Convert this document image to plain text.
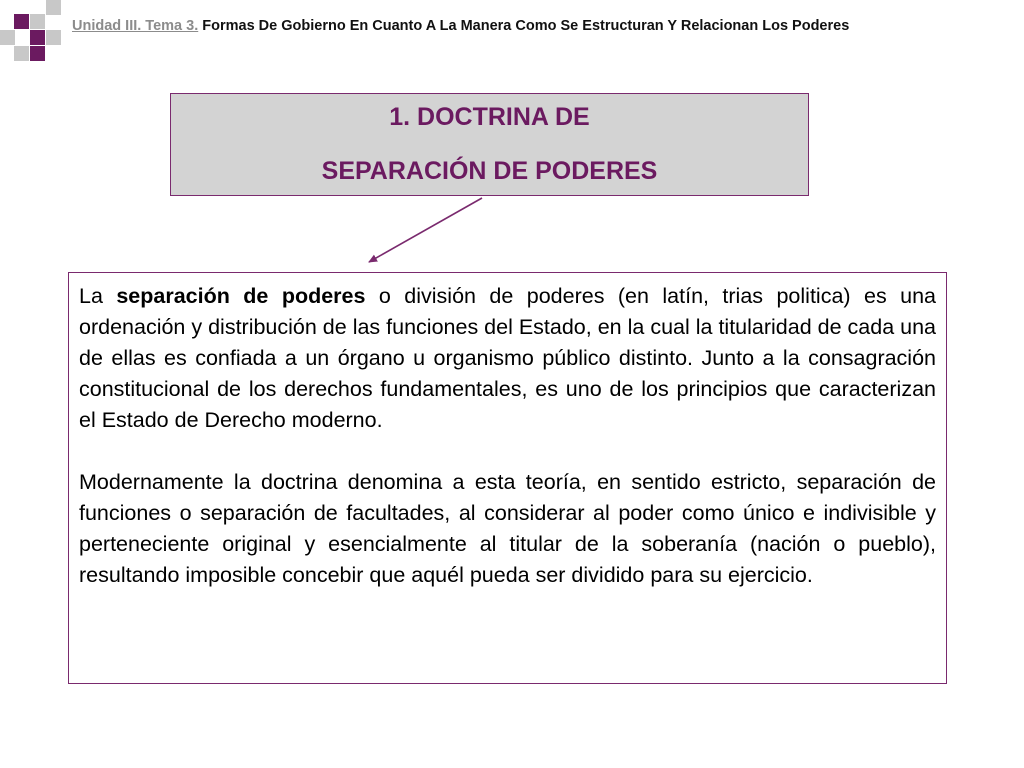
Unidad III. Tema 3. Formas De Gobierno En Cuanto A La Manera Como Se Estructuran Y Relacionan Los Poderes
1. DOCTRINA DE
SEPARACIÓN DE PODERES

La separación de poderes o división de poderes (en latín, trias politica) es una ordenación y distribución de las funciones del Estado, en la cual la titularidad de cada una de ellas es confiada a un órgano u organismo público distinto. Junto a la consagración constitucional de los derechos fundamentales, es uno de los principios que caracterizan el Estado de Derecho moderno.

Modernamente la doctrina denomina a esta teoría, en sentido estricto, separación de funciones o separación de facultades, al considerar al poder como único e indivisible y perteneciente original y esencialmente al titular de la soberanía (nación o pueblo), resultando imposible concebir que aquél pueda ser dividido para su ejercicio.
